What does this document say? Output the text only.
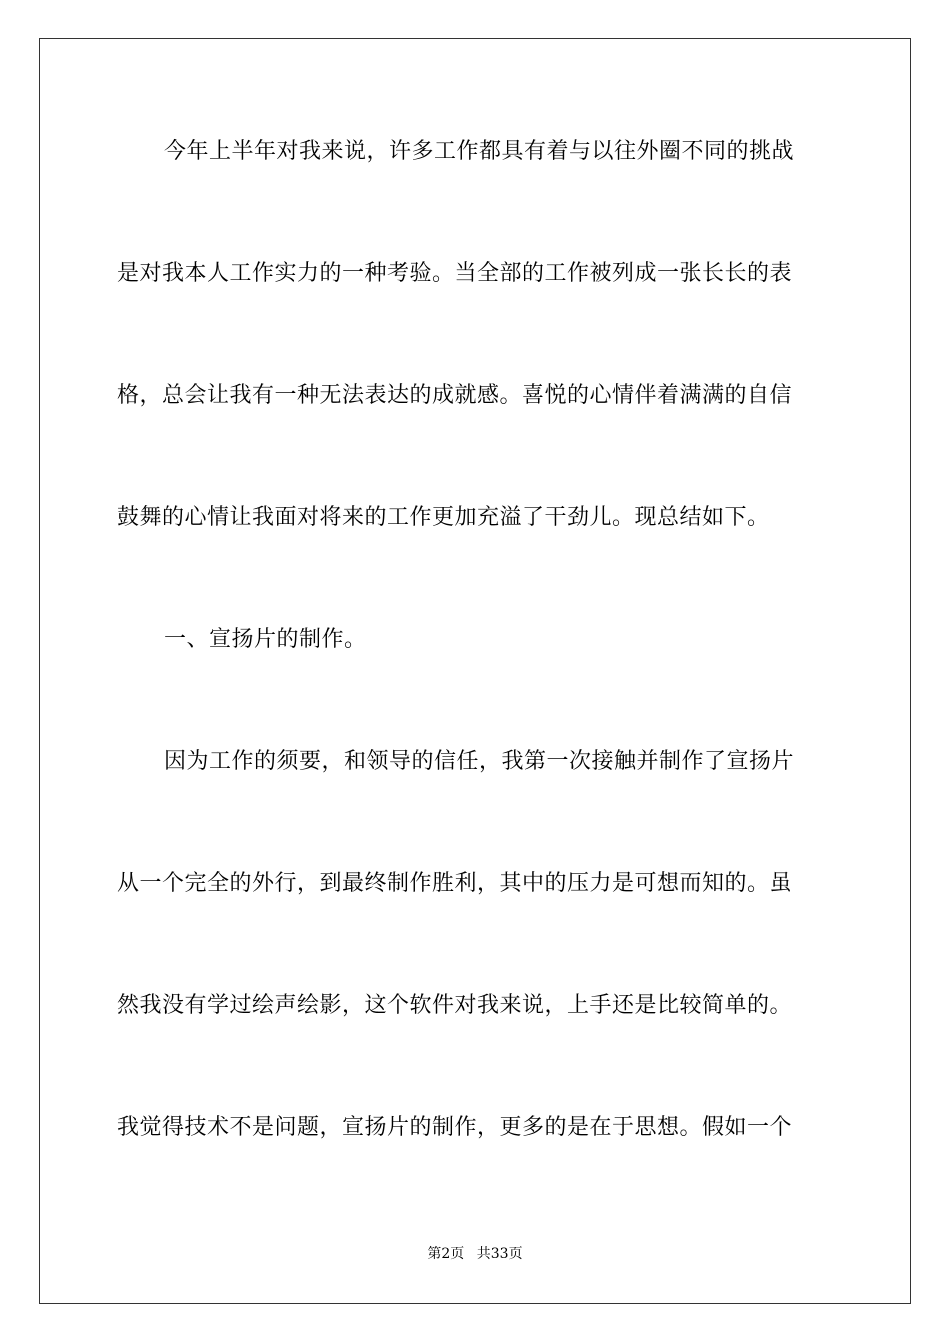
今年上半年对我来说，许多工作都具有着与以往外圈不同的挑战
是对我本人工作实力的一种考验。当全部的工作被列成一张长长的表
格，总会让我有一种无法表达的成就感。喜悦的心情伴着满满的自信
鼓舞的心情让我面对将来的工作更加充溢了干劲儿。现总结如下。
一、宣扬片的制作。
因为工作的须要，和领导的信任，我第一次接触并制作了宣扬片
从一个完全的外行，到最终制作胜利，其中的压力是可想而知的。虽
然我没有学过绘声绘影，这个软件对我来说，上手还是比较简单的。
我觉得技术不是问题，宣扬片的制作，更多的是在于思想。假如一个
第2页 共33页
